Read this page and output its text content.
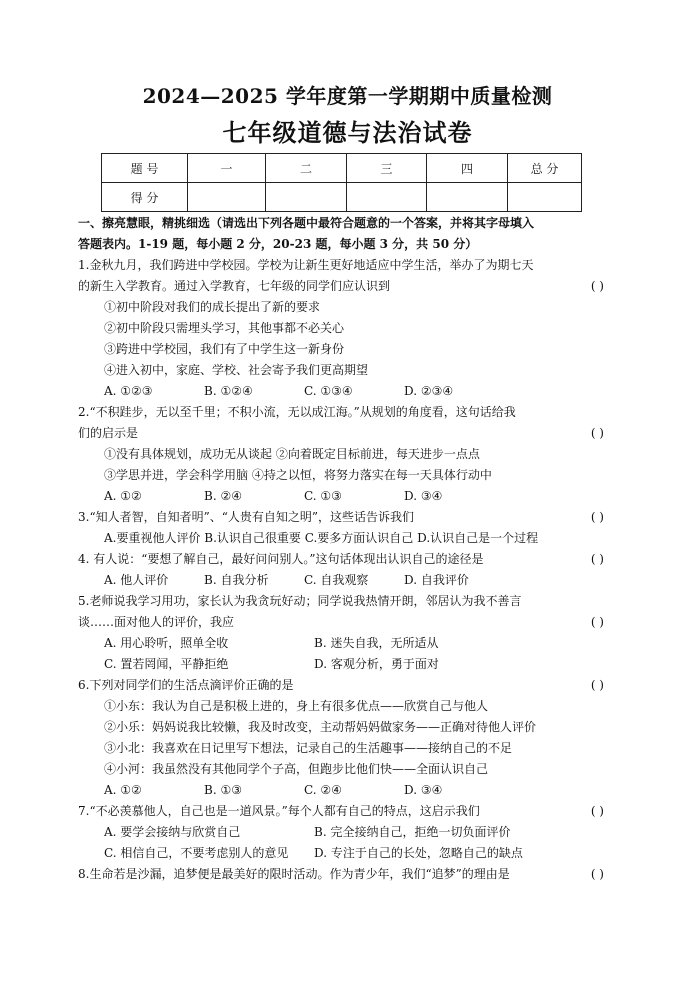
2024—2025 学年度第一学期期中质量检测
七年级道德与法治试卷
题 号	一	二	三	四	总 分
得 分					
一、擦亮慧眼，精挑细选（请选出下列各题中最符合题意的一个答案，并将其字母填入
答题表内。1-19 题，每小题 2 分，20-23 题，每小题 3 分，共 50 分）
1.金秋九月，我们跨进中学校园。学校为让新生更好地适应中学生活，举办了为期七天
( )
的新生入学教育。通过入学教育，七年级的同学们应认识到
①初中阶段对我们的成长提出了新的要求
②初中阶段只需埋头学习，其他事都不必关心
③跨进中学校园，我们有了中学生这一新身份
④进入初中，家庭、学校、社会寄予我们更高期望
A. ①②③	B. ①②④	C. ①③④	D. ②③④
2.“不积跬步，无以至千里；不积小流，无以成江海。”从规划的角度看，这句话给我
( )
们的启示是
①没有具体规划，成功无从谈起 ②向着既定目标前进，每天进步一点点
③学思并进，学会科学用脑 ④持之以恒，将努力落实在每一天具体行动中
A. ①②	B. ②④	C. ①③	D. ③④
( )
3.“知人者智，自知者明”、“人贵有自知之明”，这些话告诉我们
A.要重视他人评价 B.认识自己很重要 C.要多方面认识自己 D.认识自己是一个过程
( )
4. 有人说：“要想了解自己，最好问问别人。”这句话体现出认识自己的途径是
A. 他人评价	B. 自我分析	C. 自我观察	D. 自我评价
5.老师说我学习用功，家长认为我贪玩好动；同学说我热情开朗，邻居认为我不善言
( )
谈……面对他人的评价，我应
A. 用心聆听，照单全收	B. 迷失自我，无所适从
C. 置若罔闻，平静拒绝	D. 客观分析，勇于面对
( )
6.下列对同学们的生活点滴评价正确的是
①小东：我认为自己是积极上进的，身上有很多优点——欣赏自己与他人
②小乐：妈妈说我比较懒，我及时改变，主动帮妈妈做家务——正确对待他人评价
③小北：我喜欢在日记里写下想法，记录自己的生活趣事——接纳自己的不足
④小河：我虽然没有其他同学个子高，但跑步比他们快——全面认识自己
A. ①②	B. ①③	C. ②④	D. ③④
( )
7.“不必羡慕他人，自己也是一道风景。”每个人都有自己的特点，这启示我们
A. 要学会接纳与欣赏自己	B. 完全接纳自己，拒绝一切负面评价
C. 相信自己，不要考虑别人的意见 D. 专注于自己的长处，忽略自己的缺点
( )
8.生命若是沙漏，追梦便是最美好的限时活动。作为青少年，我们“追梦”的理由是
